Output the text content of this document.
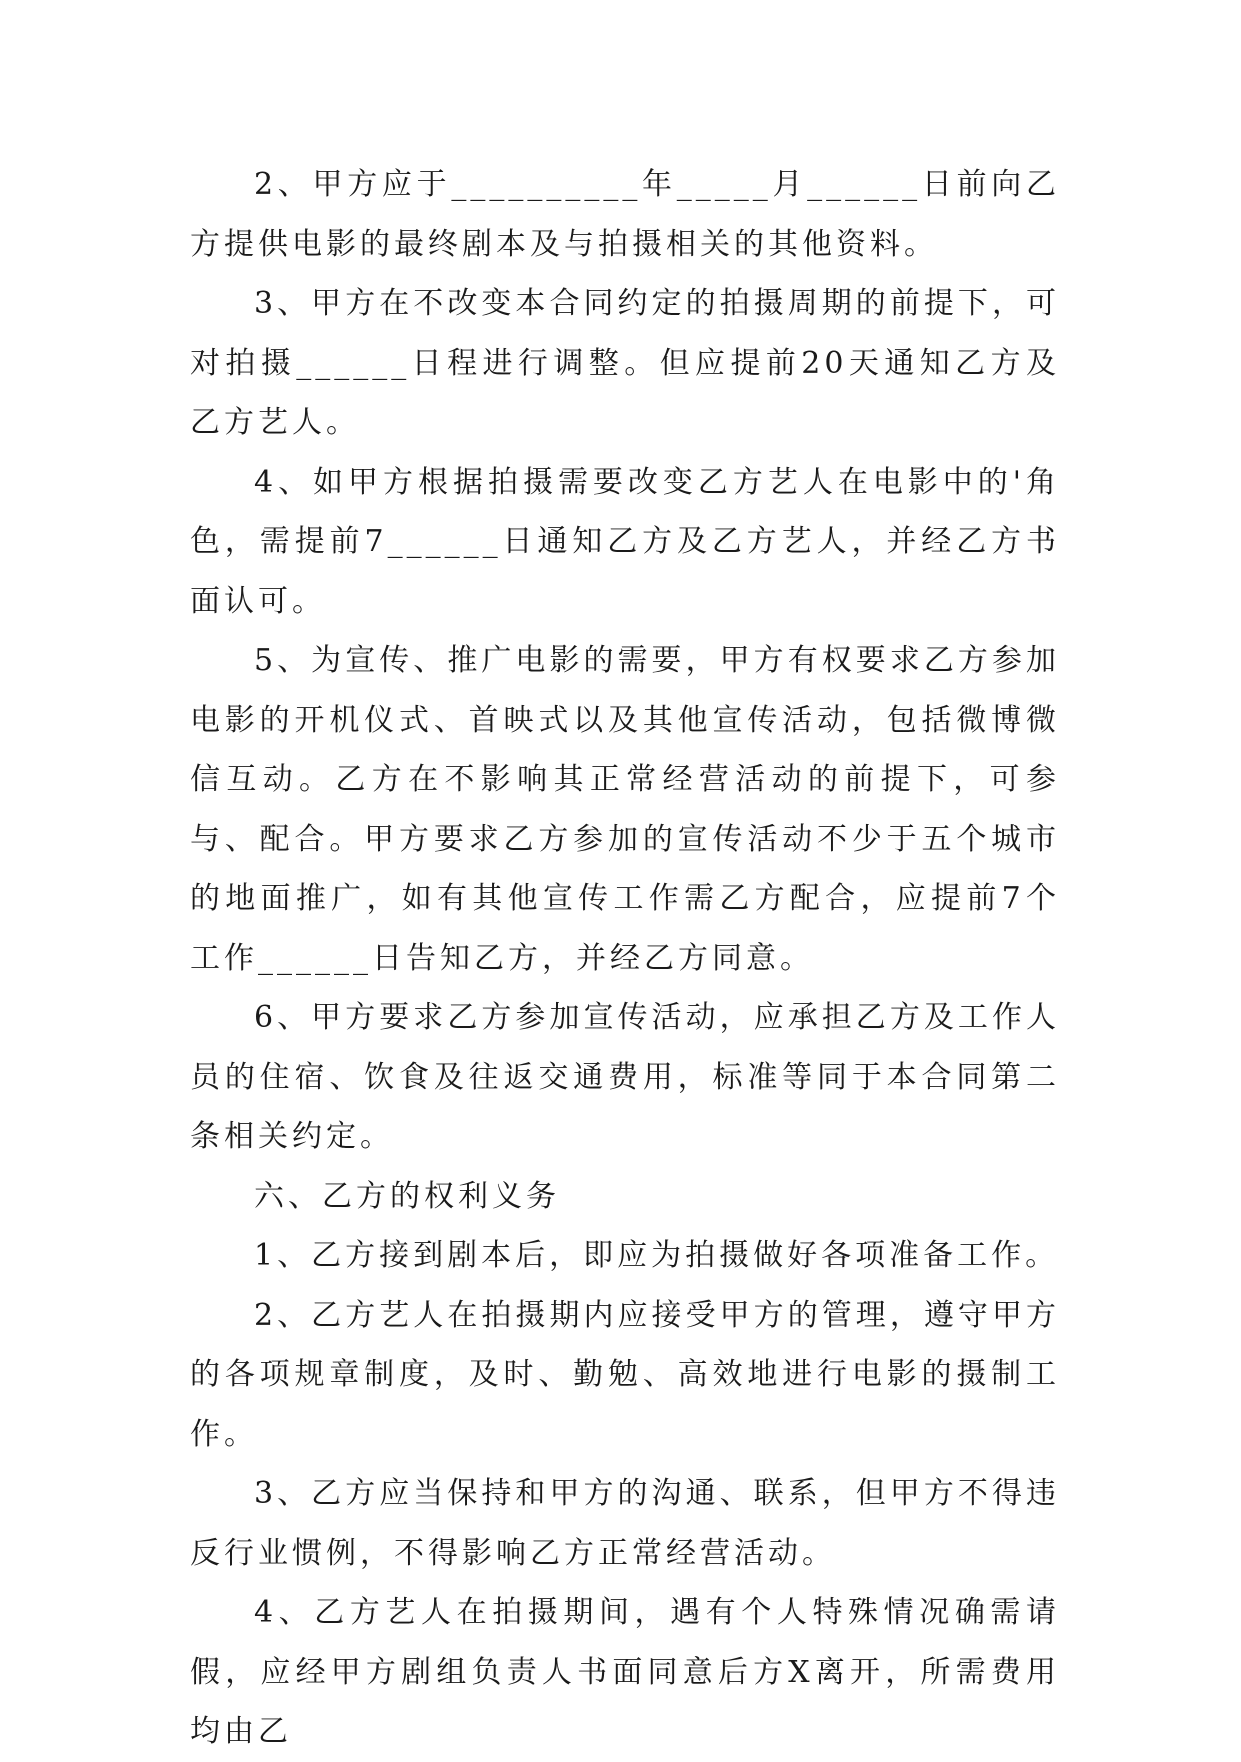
2、甲方应于__________年_____月______日前向乙方提供电影的最终剧本及与拍摄相关的其他资料。

3、甲方在不改变本合同约定的拍摄周期的前提下，可对拍摄______日程进行调整。但应提前20天通知乙方及乙方艺人。

4、如甲方根据拍摄需要改变乙方艺人在电影中的'角色，需提前7______日通知乙方及乙方艺人，并经乙方书面认可。

5、为宣传、推广电影的需要，甲方有权要求乙方参加电影的开机仪式、首映式以及其他宣传活动，包括微博微信互动。乙方在不影响其正常经营活动的前提下，可参与、配合。甲方要求乙方参加的宣传活动不少于五个城市的地面推广，如有其他宣传工作需乙方配合，应提前7个工作______日告知乙方，并经乙方同意。

6、甲方要求乙方参加宣传活动，应承担乙方及工作人员的住宿、饮食及往返交通费用，标准等同于本合同第二条相关约定。

六、乙方的权利义务

1、乙方接到剧本后，即应为拍摄做好各项准备工作。

2、乙方艺人在拍摄期内应接受甲方的管理，遵守甲方的各项规章制度，及时、勤勉、高效地进行电影的摄制工作。

3、乙方应当保持和甲方的沟通、联系，但甲方不得违反行业惯例，不得影响乙方正常经营活动。

4、乙方艺人在拍摄期间，遇有个人特殊情况确需请假，应经甲方剧组负责人书面同意后方X离开，所需费用均由乙
